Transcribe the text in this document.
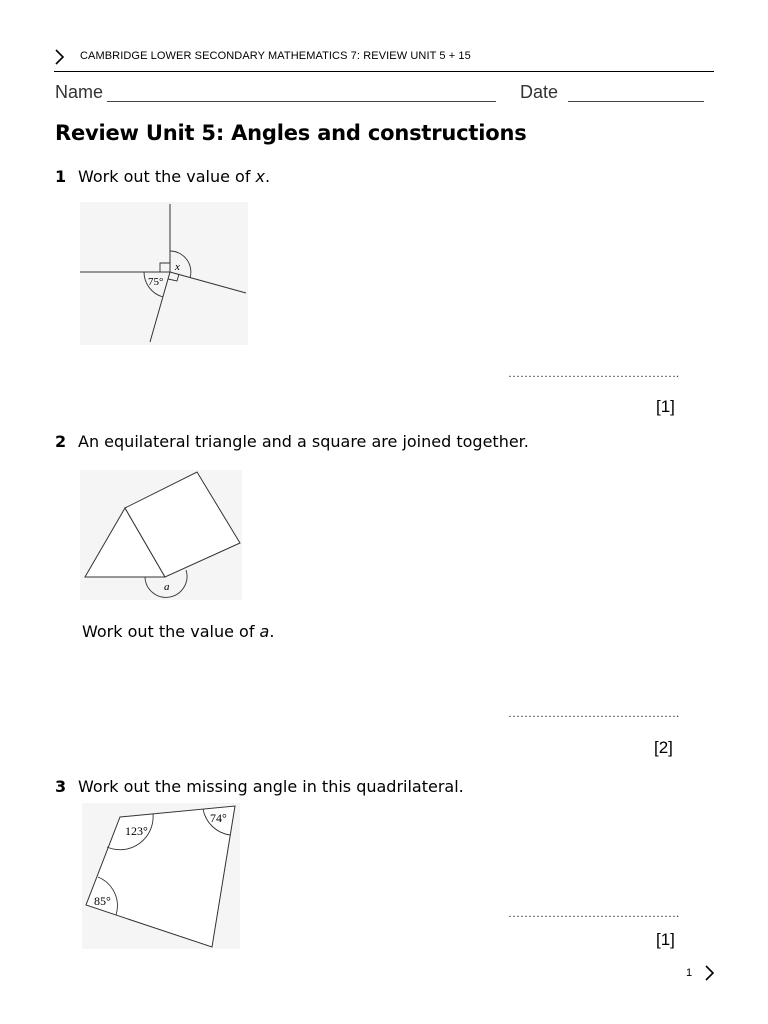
CAMBRIDGE LOWER SECONDARY MATHEMATICS 7: REVIEW UNIT 5 + 15
Name	Date
Review Unit 5: Angles and constructions
1 Work out the value of x.
75°
x
…………………………………….
[1]
2 An equilateral triangle and a square are joined together.
a
Work out the value of a.
…………………………………….
[2]
3 Work out the missing angle in this quadrilateral.
123°
74°
85°
…………………………………….
[1]
1
